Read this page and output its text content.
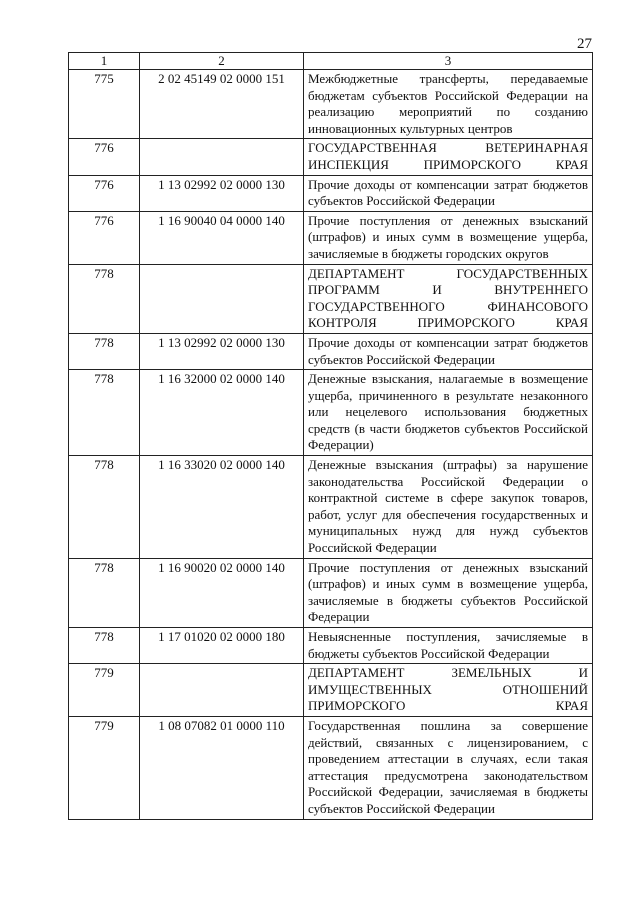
27
1	2	3
775	2 02 45149 02 0000 151	Межбюджетные трансферты, передаваемые бюджетам субъектов Российской Федерации на реализацию мероприятий по созданию инновационных культурных центров
776		ГОСУДАРСТВЕННАЯ ВЕТЕРИНАРНАЯ ИНСПЕКЦИЯ ПРИМОРСКОГО КРАЯ
776	1 13 02992 02 0000 130	Прочие доходы от компенсации затрат бюджетов субъектов Российской Федерации
776	1 16 90040 04 0000 140	Прочие поступления от денежных взысканий (штрафов) и иных сумм в возмещение ущерба, зачисляемые в бюджеты городских округов
778		ДЕПАРТАМЕНТ ГОСУДАРСТВЕННЫХ ПРОГРАММ И ВНУТРЕННЕГО ГОСУДАРСТВЕННОГО ФИНАНСОВОГО КОНТРОЛЯ ПРИМОРСКОГО КРАЯ
778	1 13 02992 02 0000 130	Прочие доходы от компенсации затрат бюджетов субъектов Российской Федерации
778	1 16 32000 02 0000 140	Денежные взыскания, налагаемые в возмещение ущерба, причиненного в результате незаконного или нецелевого использования бюджетных средств (в части бюджетов субъектов Российской Федерации)
778	1 16 33020 02 0000 140	Денежные взыскания (штрафы) за нарушение законодательства Российской Федерации о контрактной системе в сфере закупок товаров, работ, услуг для обеспечения государственных и муниципальных нужд для нужд субъектов Российской Федерации
778	1 16 90020 02 0000 140	Прочие поступления от денежных взысканий (штрафов) и иных сумм в возмещение ущерба, зачисляемые в бюджеты субъектов Российской Федерации
778	1 17 01020 02 0000 180	Невыясненные поступления, зачисляемые в бюджеты субъектов Российской Федерации
779		ДЕПАРТАМЕНТ ЗЕМЕЛЬНЫХ И ИМУЩЕСТВЕННЫХ ОТНОШЕНИЙ ПРИМОРСКОГО КРАЯ
779	1 08 07082 01 0000 110	Государственная пошлина за совершение действий, связанных с лицензированием, с проведением аттестации в случаях, если такая аттестация предусмотрена законодательством Российской Федерации, зачисляемая в бюджеты субъектов Российской Федерации
